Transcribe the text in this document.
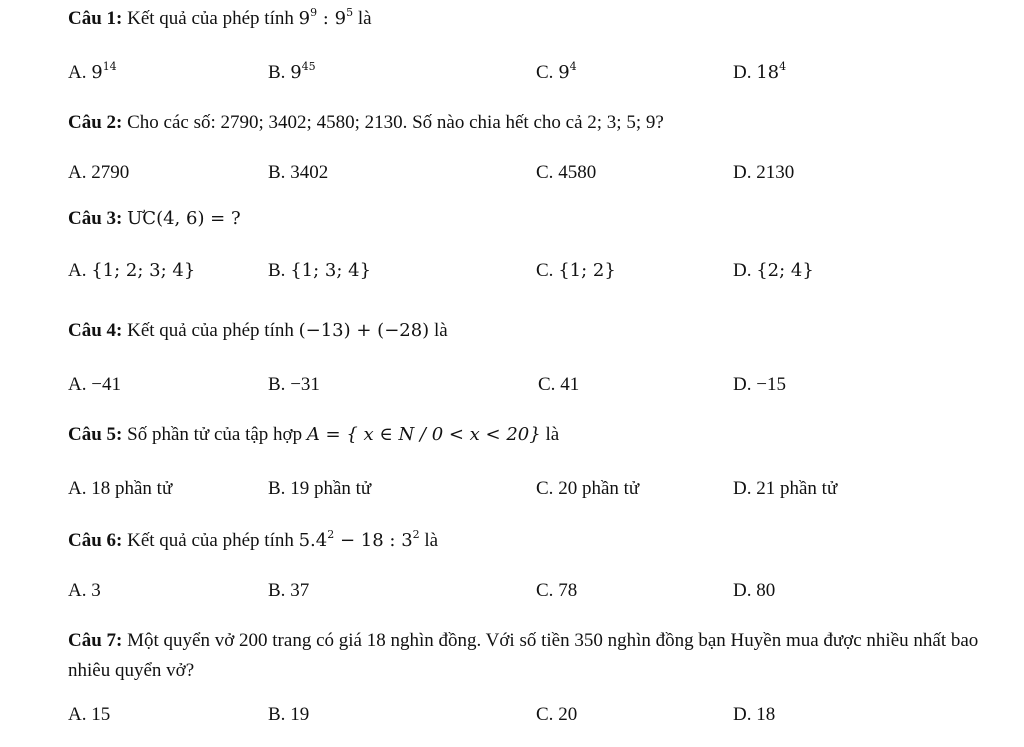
Câu 1: Kết quả của phép tính $9^9$ : $9^5$ là
A. $9^{14}$	B. $9^{45}$	C. $9^4$	D. $18^4$
Câu 2: Cho các số: 2790; 3402; 4580; 2130. Số nào chia hết cho cả 2; 3; 5; 9?
A. 2790	B. 3402	C. 4580	D. 2130
Câu 3: ƯC(4, 6) = ?
A. {1; 2; 3; 4}	B. {1; 3; 4}	C. {1; 2}	D. {2; 4}
Câu 4: Kết quả của phép tính (−13) + (−28) là
A. −41	B. −31	C. 41	D. −15
Câu 5: Số phần tử của tập hợp A = { x ∈ N / 0 < x < 20} là
A. 18 phần tử	B. 19 phần tử	C. 20 phần tử	D. 21 phần tử
Câu 6: Kết quả của phép tính $5.4^2 - 18$ : $3^2$ là
A. 3	B. 37	C. 78	D. 80
Câu 7: Một quyển vở 200 trang có giá 18 nghìn đồng. Với số tiền 350 nghìn đồng bạn Huyền mua được nhiều nhất bao nhiêu quyển vở?
A. 15	B. 19	C. 20	D. 18
